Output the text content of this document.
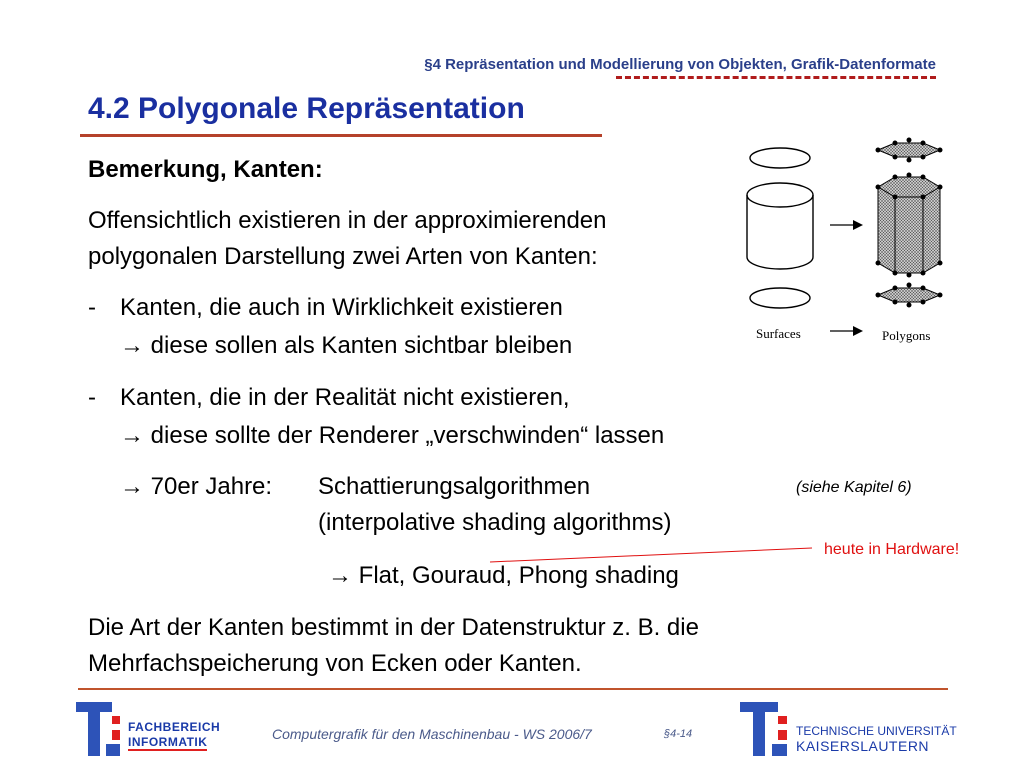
§4 Repräsentation und Modellierung von Objekten, Grafik-Datenformate
4.2 Polygonale Repräsentation
Bemerkung, Kanten:
Offensichtlich existieren in der approximierenden
polygonalen Darstellung zwei Arten von Kanten:
- Kanten, die auch in Wirklichkeit existieren
→ diese sollen als Kanten sichtbar bleiben
- Kanten, die in der Realität nicht existieren,
→ diese sollte der Renderer „verschwinden“ lassen
→ 70er Jahre: Schattierungsalgorithmen
(interpolative shading algorithms)
→ Flat, Gouraud, Phong shading
Die Art der Kanten bestimmt in der Datenstruktur z. B. die
Mehrfachspeicherung von Ecken oder Kanten.
(siehe Kapitel 6)
heute in Hardware!
Surfaces	Polygons
FACHBEREICH
INFORMATIK	Computergrafik für den Maschinenbau - WS 2006/7	§4-14	TECHNISCHE UNIVERSITÄT
KAISERSLAUTERN
